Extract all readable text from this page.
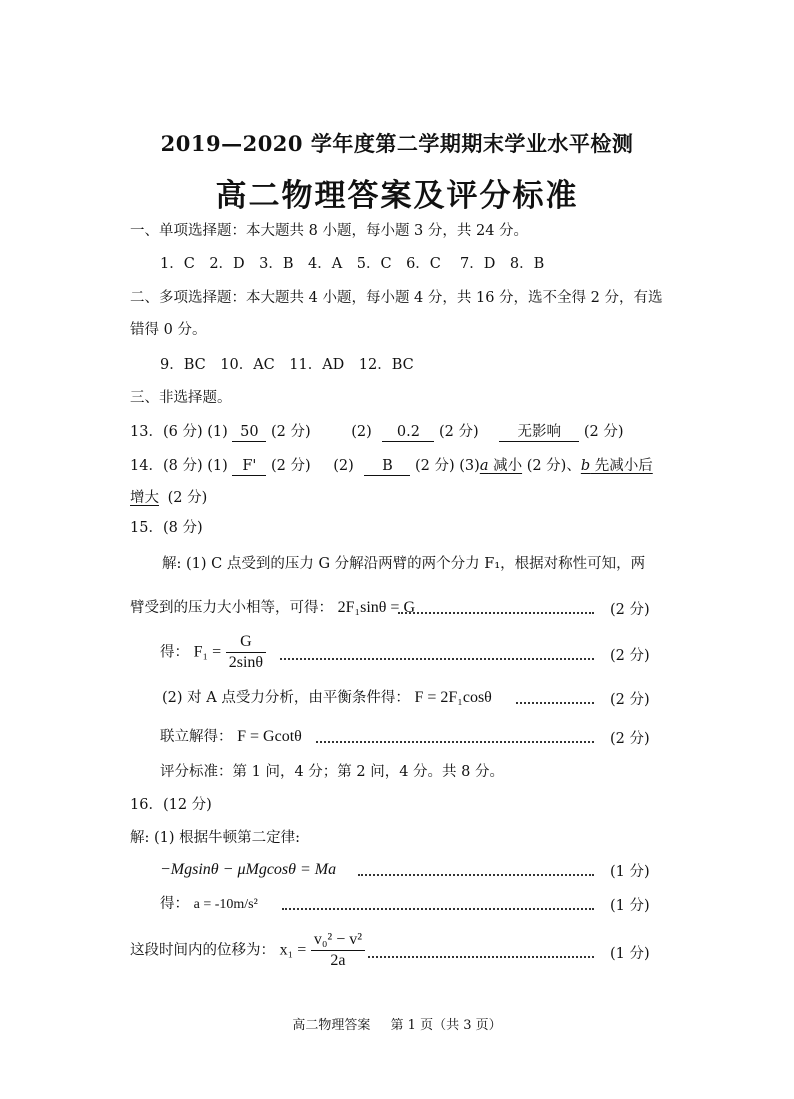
2019—2020 学年度第二学期期末学业水平检测
高二物理答案及评分标准
一、单项选择题：本大题共 8 小题，每小题 3 分，共 24 分。
1．C　2．D　3．B　4．A　5．C　6．C　 7．D　8．B
二、多项选择题：本大题共 4 小题，每小题 4 分，共 16 分，选不全得 2 分，有选
错得 0 分。
9．BC　10．AC　11．AD　12．BC
三、非选择题。
13．(6 分) (1) 50 (2 分)	(2) 0.2 (2 分)	无影响 (2 分)
14．(8 分) (1) F' (2 分) (2) B (2 分) (3)a 减小 (2 分)、b 先减小后
增大 (2 分)
15．(8 分)
解: (1) C 点受到的压力 G 分解沿两臂的两个分力 F₁，根据对称性可知，两
臂受到的压力大小相等，可得： 2F₁sinθ = G	(2 分)
得： $F_1 = \frac{G}{2\sin\theta}$	(2 分)
(2) 对 A 点受力分析，由平衡条件得： F = 2F₁cosθ	(2 分)
联立解得： F = Gcotθ	(2 分)
评分标准：第 1 问，4 分；第 2 问，4 分。共 8 分。
16．(12 分)
解: (1) 根据牛顿第二定律:
−Mgsinθ − μMgcosθ = Ma	(1 分)
得： a = -10m/s²	(1 分)
这段时间内的位移为： $x_1 = \frac{\text{v₀² − v²}}{2a}$	(1 分)
高二物理答案 第 1 页（共 3 页）
